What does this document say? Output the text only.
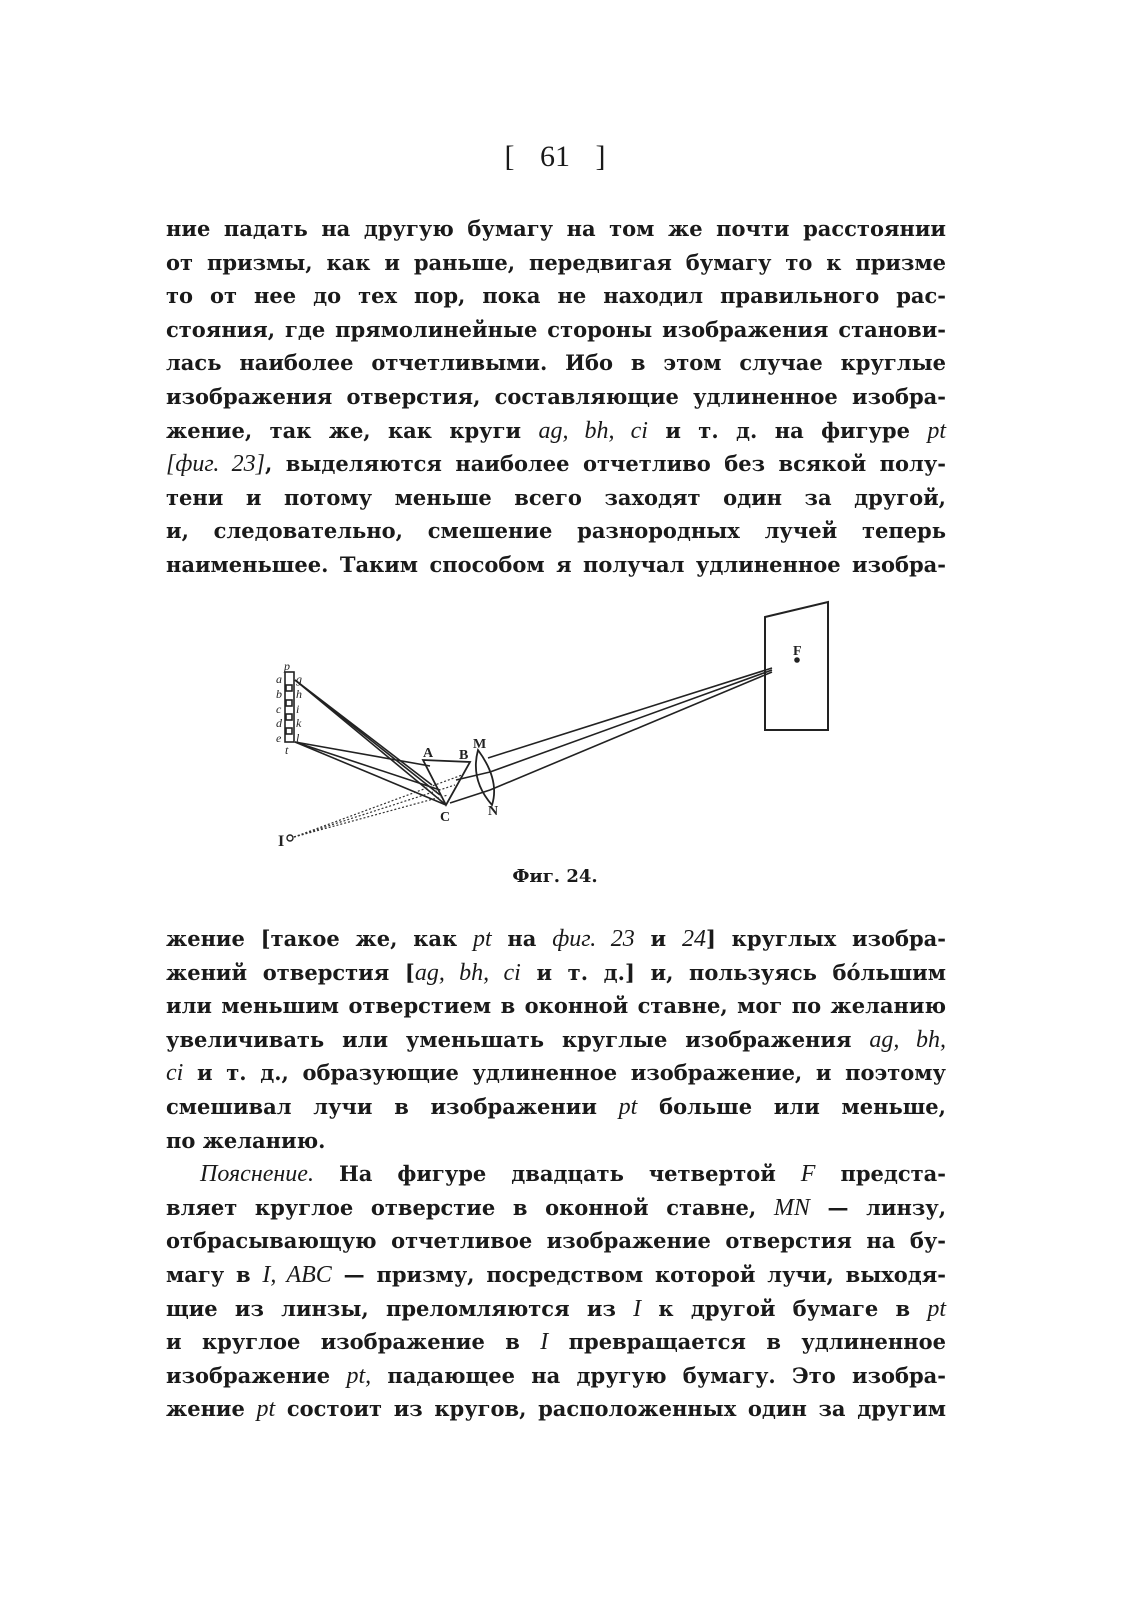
[ 61 ]
ние падать на другую бумагу на том же почти расстоянии
от призмы, как и раньше, передвигая бумагу то к призме
то от нее до тех пор, пока не находил правильного рас-
стояния, где прямолинейные стороны изображения станови-
лась наиболее отчетливыми. Ибо в этом случае круглые
изображения отверстия, составляющие удлиненное изобра-
жение, так же, как круги ag, bh, ci и т. д. на фигуре pt
[фиг. 23], выделяются наиболее отчетливо без всякой полу-
тени и потому меньше всего заходят один за другой,
и, следовательно, смешение разнородных лучей теперь
наименьшее. Таким способом я получал удлиненное изобра-
p
a g
b h
c i
d k
e l
t	A B
C
M
N
F
I
Фиг. 24.
жение [такое же, как pt на фиг. 23 и 24] круглых изобра-
жений отверстия [ag, bh, ci и т. д.] и, пользуясь бóльшим
или меньшим отверстием в оконной ставне, мог по желанию
увеличивать или уменьшать круглые изображения ag, bh,
ci и т. д., образующие удлиненное изображение, и поэтому
смешивал лучи в изображении pt больше или меньше,
по желанию.
Пояснение. На фигуре двадцать четвертой F предста-
вляет круглое отверстие в оконной ставне, MN — линзу,
отбрасывающую отчетливое изображение отверстия на бу-
магу в I, ABC — призму, посредством которой лучи, выходя-
щие из линзы, преломляются из I к другой бумаге в pt
и круглое изображение в I превращается в удлиненное
изображение pt, падающее на другую бумагу. Это изобра-
жение pt состоит из кругов, расположенных один за другим
